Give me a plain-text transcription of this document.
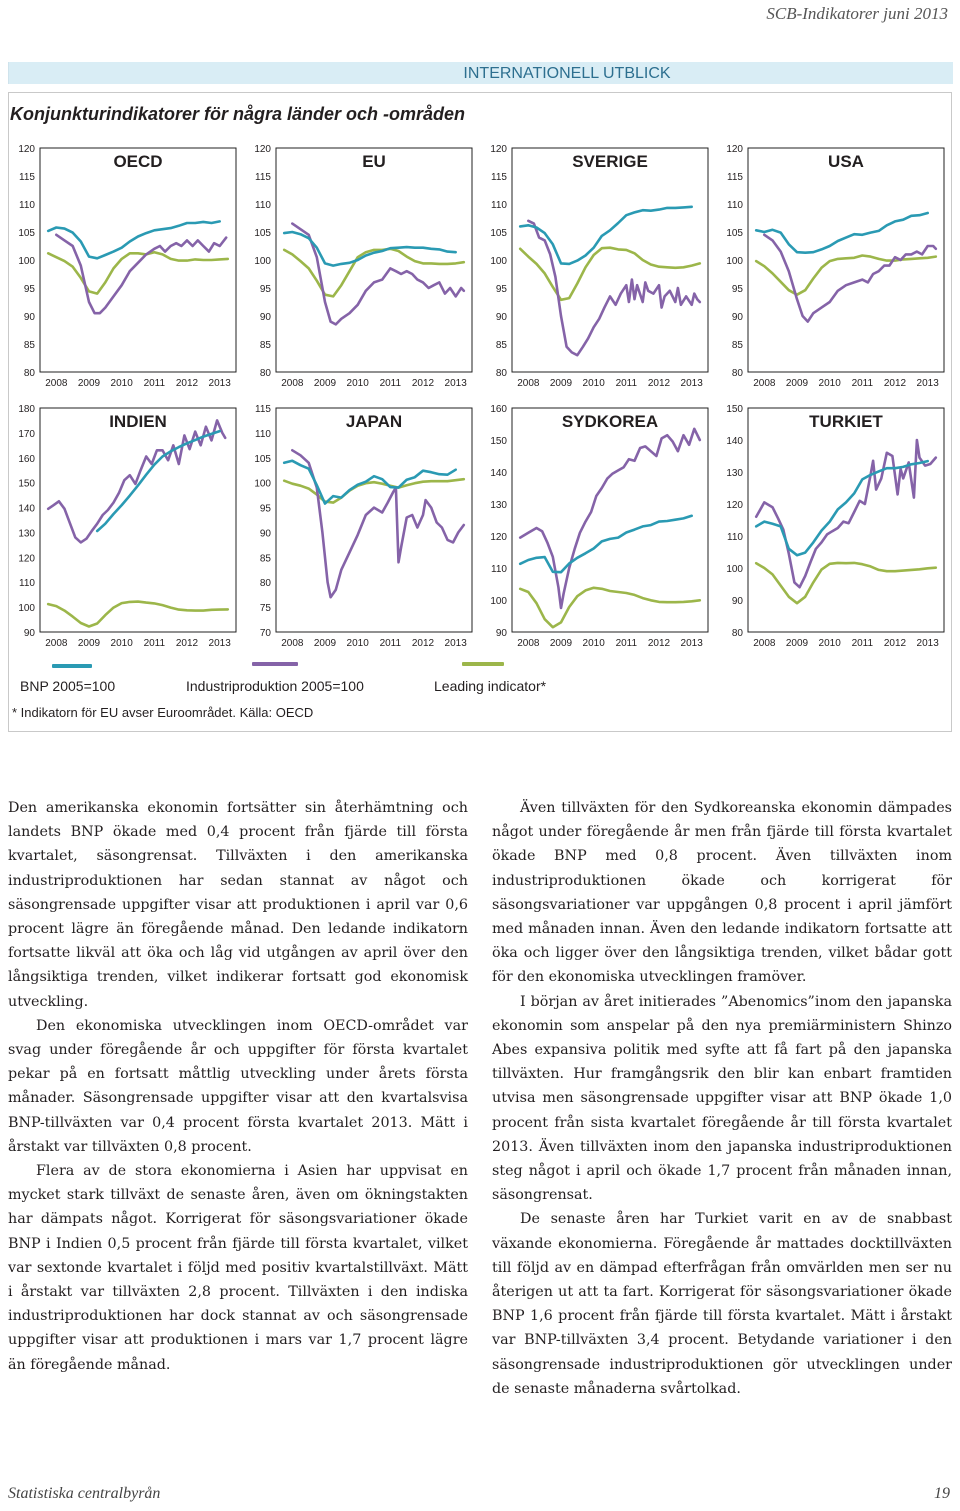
SCB-Indikatorer juni 2013
INTERNATIONELL UTBLICK
Konjunkturindikatorer för några länder och -områden
OECD
80
85
90
95
100
105
110
115
120
2008 2009 2010 2011 2012 2013
EU
80
85
90
95
100
105
110
115
120
2008 2009 2010 2011 2012 2013
SVERIGE
80
85
90
95
100
105
110
115
120
2008 2009 2010 2011 2012 2013
USA
80
85
90
95
100
105
110
115
120
2008 2009 2010 2011 2012 2013
INDIEN
90
100
110
120
130
140
150
160
170
180
2008 2009 2010 2011 2012 2013
JAPAN
70
75
80
85
90
95
100
105
110
115
2008 2009 2010 2011 2012 2013
SYDKOREA
90
100
110
120
130
140
150
160
2008 2009 2010 2011 2012 2013
TURKIET
80
90
100
110
120
130
140
150
2008 2009 2010 2011 2012 2013
BNP 2005=100	Industriproduktion 2005=100	Leading indicator*
* Indikatorn för EU avser Euroområdet. Källa: OECD

Den amerikanska ekonomin fortsätter sin återhämtning och landets BNP ökade med 0,4 procent från fjärde till första kvartalet, säsongrensat. Tillväxten i den amerikanska industriproduktionen har sedan stannat av något och säsongrensade uppgifter visar att produktionen i april var 0,6 procent lägre än föregående månad. Den ledande indikatorn fortsatte likväl att öka och låg vid utgången av april över den långsiktiga trenden, vilket indikerar fortsatt god ekonomisk utveckling.

Den ekonomiska utvecklingen inom OECD-området var svag under föregående år och uppgifter för första kvartalet pekar på en fortsatt måttlig utveckling under årets första månader. Säsongrensade uppgifter visar att den kvartalsvisa BNP-tillväxten var 0,4 procent första kvartalet 2013. Mätt i årstakt var tillväxten 0,8 procent.

Flera av de stora ekonomierna i Asien har uppvisat en mycket stark tillväxt de senaste åren, även om ökningstakten har dämpats något. Korrigerat för säsongsvariationer ökade BNP i Indien 0,5 procent från fjärde till första kvartalet, vilket var sextonde kvartalet i följd med positiv kvartalstillväxt. Mätt i årstakt var tillväxten 2,8 procent. Tillväxten i den indiska industriproduktionen har dock stannat av och säsongrensade uppgifter visar att produktionen i mars var 1,7 procent lägre än föregående månad.

Även tillväxten för den Sydkoreanska ekonomin dämpades något under föregående år men från fjärde till första kvartalet ökade BNP med 0,8 procent. Även tillväxten inom industriproduktionen ökade och korrigerat för säsongsvariationer var uppgången 0,8 procent i april jämfört med månaden innan. Även den ledande indikatorn fortsatte att öka och ligger över den långsiktiga trenden, vilket bådar gott för den ekonomiska utvecklingen framöver.

I början av året initierades ”Abenomics”inom den japanska ekonomin som anspelar på den nya premiärministern Shinzo Abes expansiva politik med syfte att få fart på den japanska tillväxten. Hur framgångsrik den blir kan enbart framtiden utvisa men säsongrensade uppgifter visar att BNP ökade 1,0 procent från sista kvartalet föregående år till första kvartalet 2013. Även tillväxten inom den japanska industriproduktionen steg något i april och ökade 1,7 procent från månaden innan, säsongrensat.

De senaste åren har Turkiet varit en av de snabbast växande ekonomierna. Föregående år mattades docktillväxten till följd av en dämpad efterfrågan från omvärlden men ser nu återigen ut att ta fart. Korrigerat för säsongsvariationer ökade BNP 1,6 procent från fjärde till första kvartalet. Mätt i årstakt var BNP-tillväxten 3,4 procent. Betydande variationer i den säsongrensade industriproduktionen gör utvecklingen under de senaste månaderna svårtolkad.

Statistiska centralbyrån	19
